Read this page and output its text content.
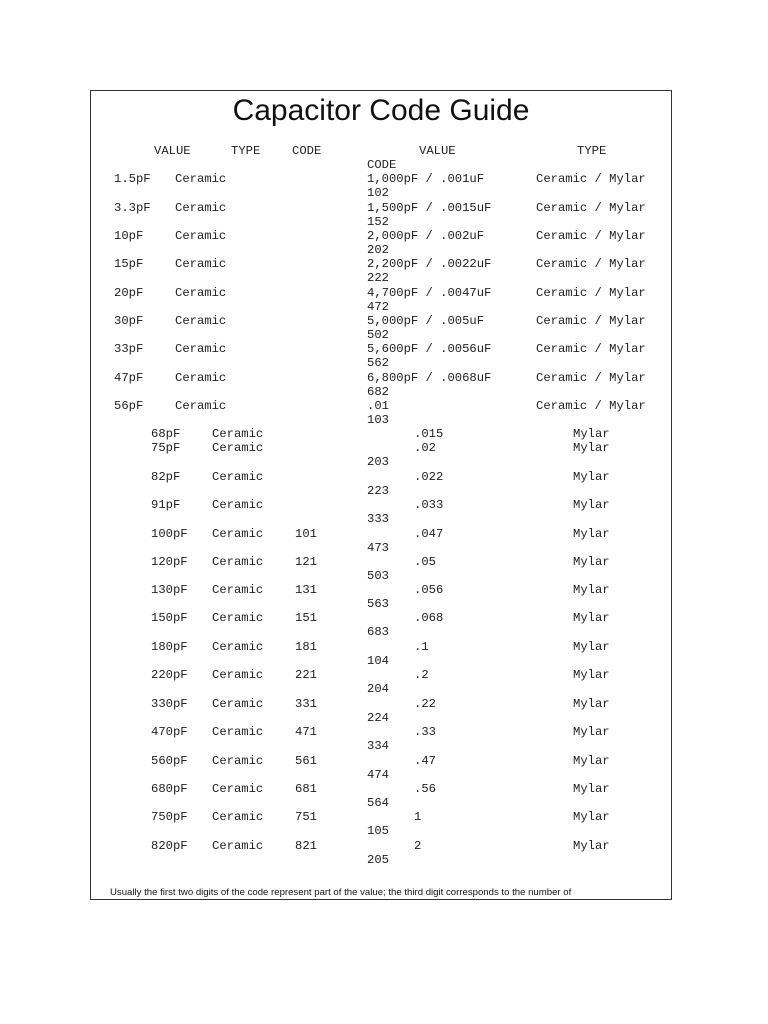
Capacitor Code Guide
VALUE	TYPE	CODE	VALUE	TYPE
CODE
1.5pF Ceramic	1,000pF / .001uF	Ceramic / Mylar
102
3.3pF Ceramic	1,500pF / .0015uF	Ceramic / Mylar
152
10pF	Ceramic	2,000pF / .002uF	Ceramic / Mylar
202
15pF	Ceramic	2,200pF / .0022uF	Ceramic / Mylar
222
20pF	Ceramic	4,700pF / .0047uF	Ceramic / Mylar
472
30pF	Ceramic	5,000pF / .005uF	Ceramic / Mylar
502
33pF	Ceramic	5,600pF / .0056uF	Ceramic / Mylar
562
47pF	Ceramic	6,800pF / .0068uF	Ceramic / Mylar
682
56pF	Ceramic	.01	Ceramic / Mylar
103
68pF	Ceramic	.015	Mylar
75pF	Ceramic	.02	Mylar
203
82pF	Ceramic	.022	Mylar
223
91pF	Ceramic	.033	Mylar
333
100pF Ceramic	101	.047	Mylar
473
120pF Ceramic	121	.05	Mylar
503
130pF Ceramic	131	.056	Mylar
563
150pF Ceramic	151	.068	Mylar
683
180pF Ceramic	181	.1	Mylar
104
220pF Ceramic	221	.2	Mylar
204
330pF Ceramic	331	.22	Mylar
224
470pF Ceramic	471	.33	Mylar
334
560pF Ceramic	561	.47	Mylar
474
680pF Ceramic	681	.56	Mylar
564
750pF Ceramic	751	1	Mylar
105
820pF Ceramic	821	2	Mylar
205
Usually the first two digits of the code represent part of the value; the third digit corresponds to the number of
